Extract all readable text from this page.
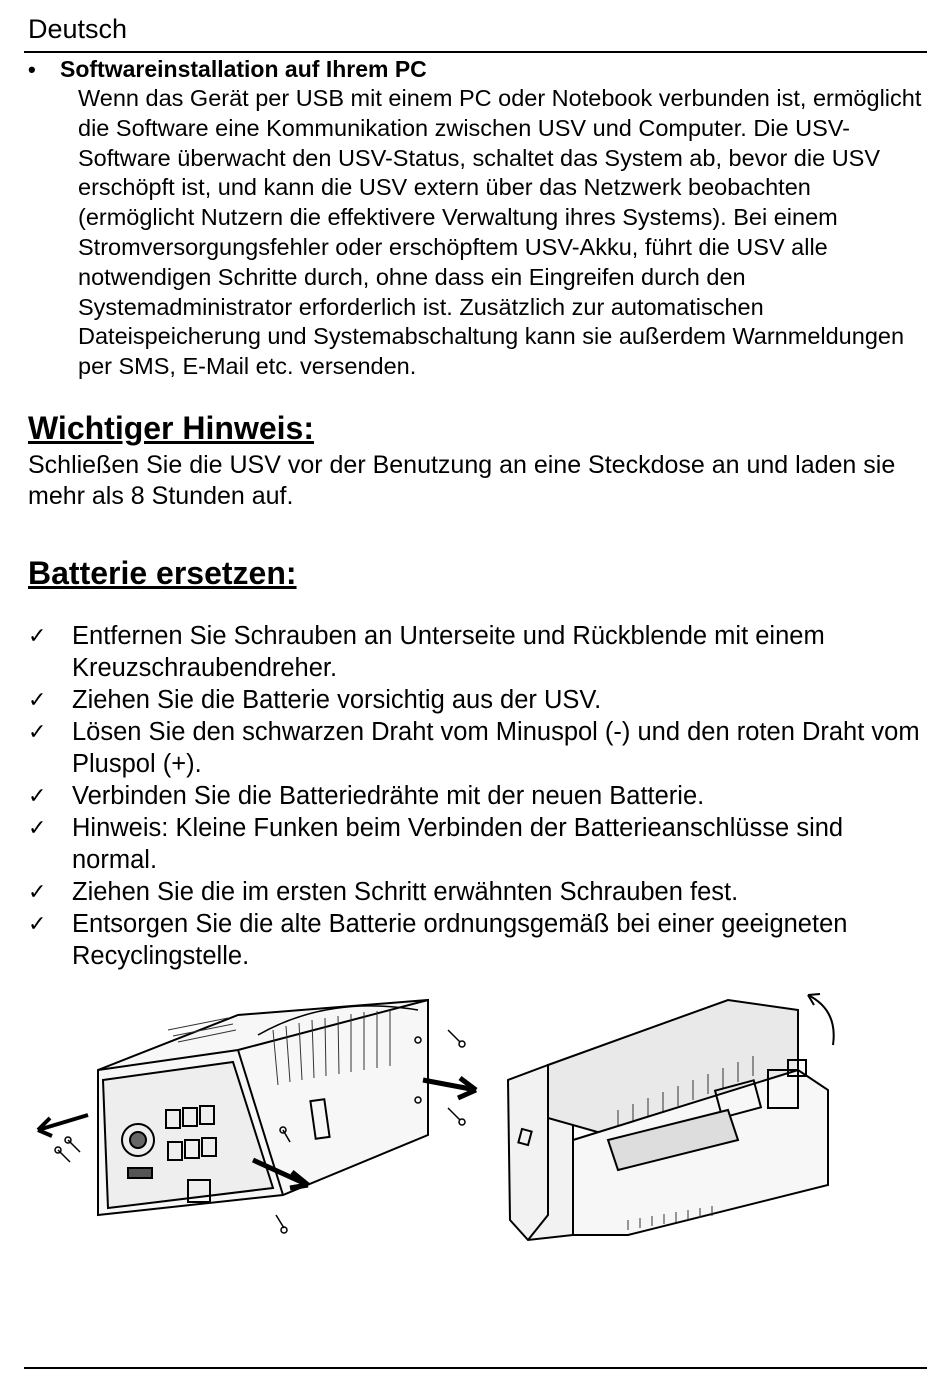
Deutsch
•	Softwareinstallation auf Ihrem PC
Wenn das Gerät per USB mit einem PC oder Notebook verbunden ist, ermöglicht die Software eine Kommunikation zwischen USV und Computer. Die USV-Software überwacht den USV-Status, schaltet das System ab, bevor die USV erschöpft ist, und kann die USV extern über das Netzwerk beobachten (ermöglicht Nutzern die effektivere Verwaltung ihres Systems). Bei einem Stromversorgungsfehler oder erschöpftem USV-Akku, führt die USV alle notwendigen Schritte durch, ohne dass ein Eingreifen durch den Systemadministrator erforderlich ist. Zusätzlich zur automatischen Dateispeicherung und Systemabschaltung kann sie außerdem Warnmeldungen per SMS, E-Mail etc. versenden.
Wichtiger Hinweis:
Schließen Sie die USV vor der Benutzung an eine Steckdose an und laden sie mehr als 8 Stunden auf.
Batterie ersetzen:
✓	Entfernen Sie Schrauben an Unterseite und Rückblende mit einem Kreuzschraubendreher.
✓	Ziehen Sie die Batterie vorsichtig aus der USV.
✓	Lösen Sie den schwarzen Draht vom Minuspol (-) und den roten Draht vom Pluspol (+).
✓	Verbinden Sie die Batteriedrähte mit der neuen Batterie.
✓	Hinweis: Kleine Funken beim Verbinden der Batterieanschlüsse sind normal.
✓	Ziehen Sie die im ersten Schritt erwähnten Schrauben fest.
✓	Entsorgen Sie die alte Batterie ordnungsgemäß bei einer geeigneten Recyclingstelle.
